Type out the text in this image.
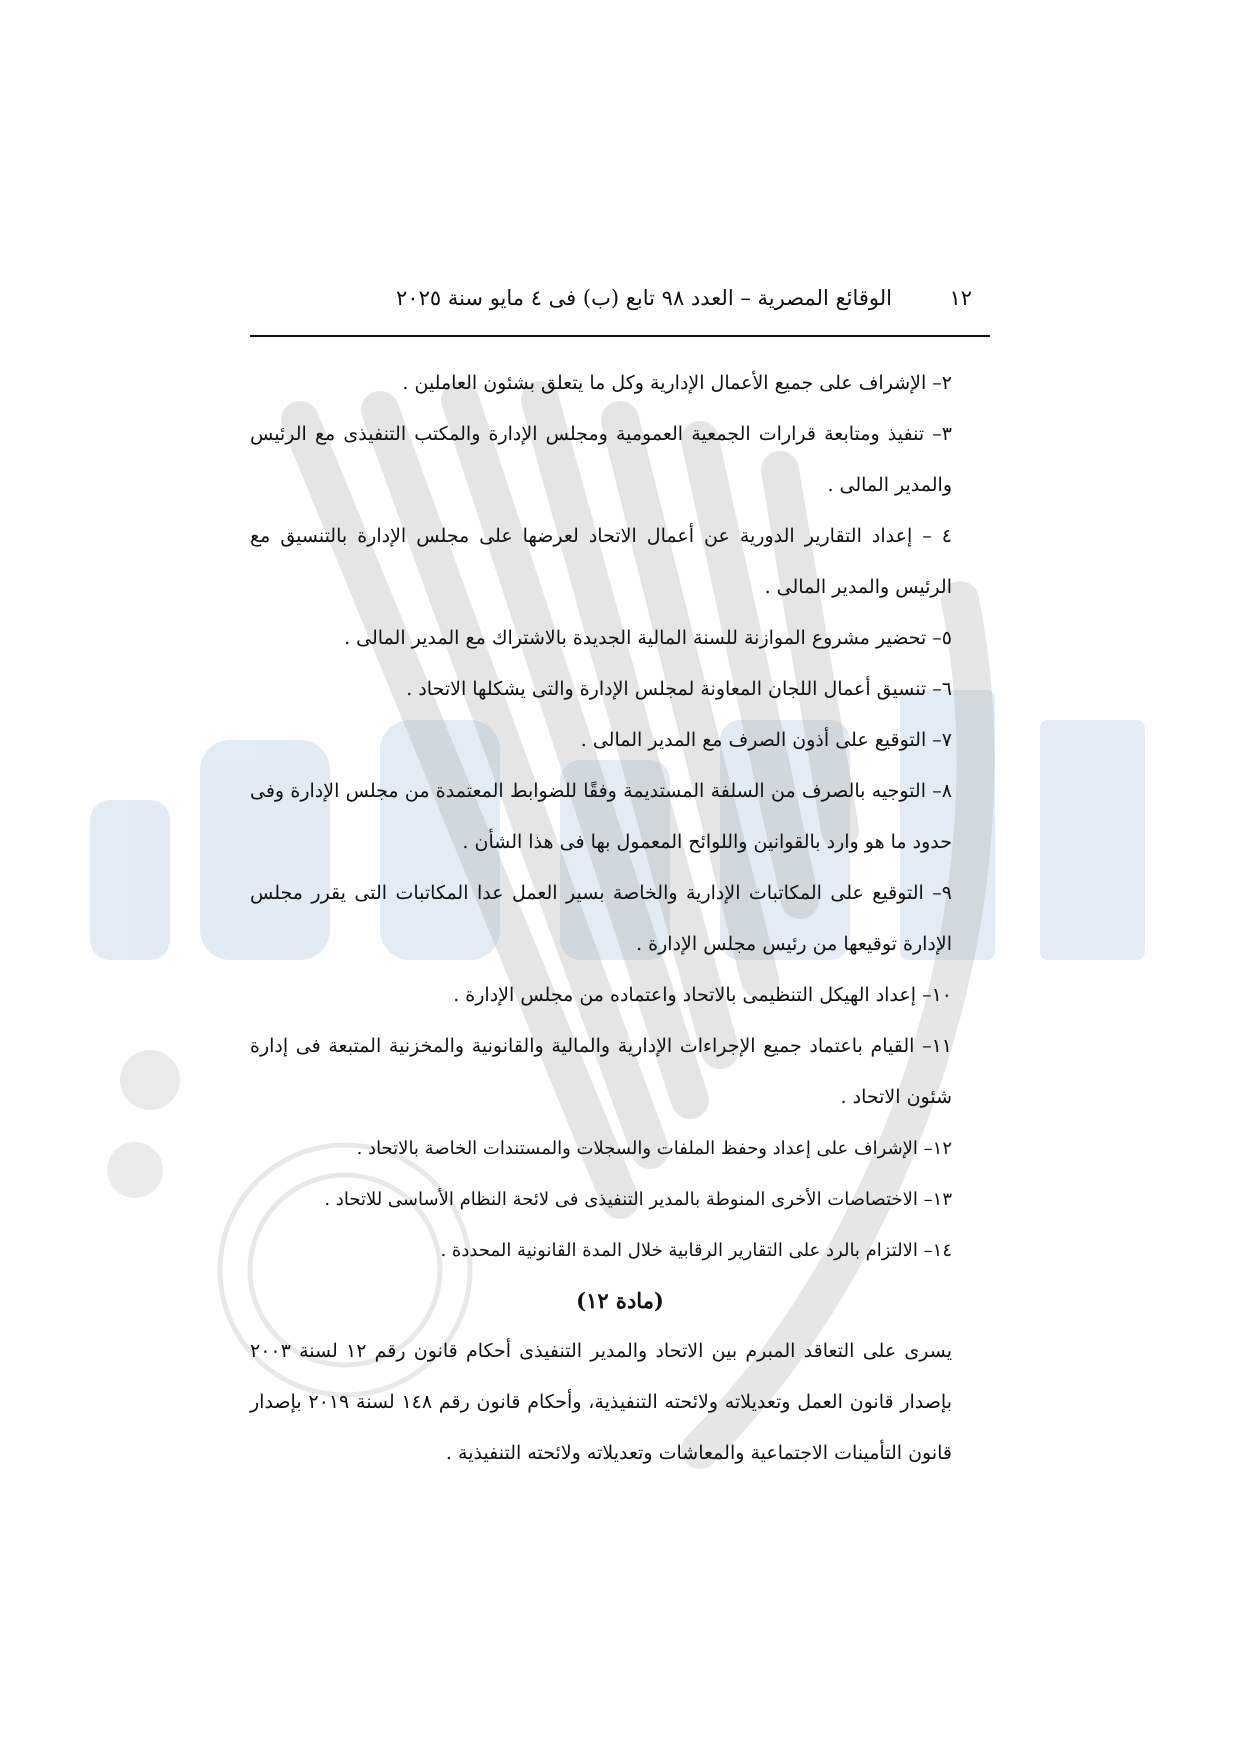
١٢
الوقائع المصرية – العدد ٩٨ تابع (ب) فى ٤ مايو سنة ٢٠٢٥

٢– الإشراف على جميع الأعمال الإدارية وكل ما يتعلق بشئون العاملين .

٣– تنفيذ ومتابعة قرارات الجمعية العمومية ومجلس الإدارة والمكتب التنفيذى مع الرئيس والمدير المالى .

٤ – إعداد التقارير الدورية عن أعمال الاتحاد لعرضها على مجلس الإدارة بالتنسيق مع الرئيس والمدير المالى .

٥– تحضير مشروع الموازنة للسنة المالية الجديدة بالاشتراك مع المدير المالى .

٦– تنسيق أعمال اللجان المعاونة لمجلس الإدارة والتى يشكلها الاتحاد .

٧– التوقيع على أذون الصرف مع المدير المالى .

٨– التوجيه بالصرف من السلفة المستديمة وفقًا للضوابط المعتمدة من مجلس الإدارة وفى حدود ما هو وارد بالقوانين واللوائح المعمول بها فى هذا الشأن .

٩– التوقيع على المكاتبات الإدارية والخاصة بسير العمل عدا المكاتبات التى يقرر مجلس الإدارة توقيعها من رئيس مجلس الإدارة .

١٠– إعداد الهيكل التنظيمى بالاتحاد واعتماده من مجلس الإدارة .

١١– القيام باعتماد جميع الإجراءات الإدارية والمالية والقانونية والمخزنية المتبعة فى إدارة شئون الاتحاد .

١٢– الإشراف على إعداد وحفظ الملفات والسجلات والمستندات الخاصة بالاتحاد .

١٣– الاختصاصات الأخرى المنوطة بالمدير التنفيذى فى لائحة النظام الأساسى للاتحاد .

١٤– الالتزام بالرد على التقارير الرقابية خلال المدة القانونية المحددة .

(مادة ١٢)

يسرى على التعاقد المبرم بين الاتحاد والمدير التنفيذى أحكام قانون رقم ١٢ لسنة ٢٠٠٣ بإصدار قانون العمل وتعديلاته ولائحته التنفيذية، وأحكام قانون رقم ١٤٨ لسنة ٢٠١٩ بإصدار قانون التأمينات الاجتماعية والمعاشات وتعديلاته ولائحته التنفيذية .
